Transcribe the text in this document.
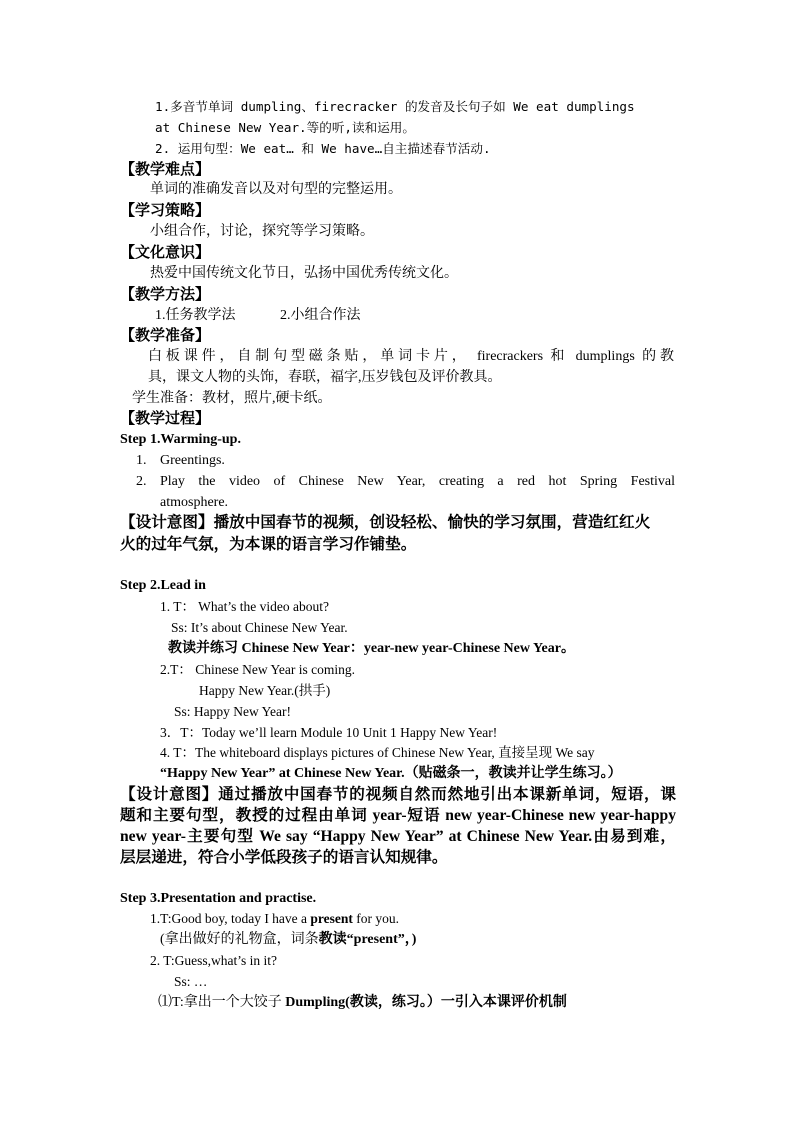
1.多音节单词 dumpling、firecracker 的发音及长句子如 We eat dumplings
at Chinese New Year.等的听,读和运用。
2. 运用句型：We eat… 和 We have…自主描述春节活动.
【教学难点】
单词的准确发音以及对句型的完整运用。
【学习策略】
小组合作，讨论，探究等学习策略。
【文化意识】
热爱中国传统文化节日，弘扬中国优秀传统文化。
【教学方法】
1.任务教学法	2.小组合作法
【教学准备】
白板课件，自制句型磁条贴，单词卡片， firecrackers 和 dumplings 的教
具，课文人物的头饰，春联，福字,压岁钱包及评价教具。
学生准备：教材，照片,硬卡纸。
【教学过程】
Step 1.Warming-up.
1. Greentings.
2. Play the video of Chinese New Year, creating a red hot Spring Festival
atmosphere.
【设计意图】播放中国春节的视频，创设轻松、愉快的学习氛围，营造红红火
火的过年气氛，为本课的语言学习作铺垫。
Step 2.Lead in
1. T： What’s the video about?
Ss: It’s about Chinese New Year.
教读并练习 Chinese New Year：year-new year-Chinese New Year。
2.T： Chinese New Year is coming.
Happy New Year.(拱手)
Ss: Happy New Year!
3．T：Today we’ll learn Module 10 Unit 1 Happy New Year!
4. T：The whiteboard displays pictures of Chinese New Year, 直接呈现 We say
“Happy New Year” at Chinese New Year.（贴磁条一，教读并让学生练习。）
【设计意图】通过播放中国春节的视频自然而然地引出本课新单词，短语，课
题和主要句型，教授的过程由单词 year-短语 new year-Chinese new year-happy
new year-主要句型 We say “Happy New Year” at Chinese New Year.由易到难，
层层递进，符合小学低段孩子的语言认知规律。
Step 3.Presentation and practise.
1.T:Good boy, today I have a present for you.
(拿出做好的礼物盒，词条教读“present”，)
2. T:Guess,what’s in it?
Ss: …
⑴T:拿出一个大饺子 Dumpling(教读，练习。）一引入本课评价机制
